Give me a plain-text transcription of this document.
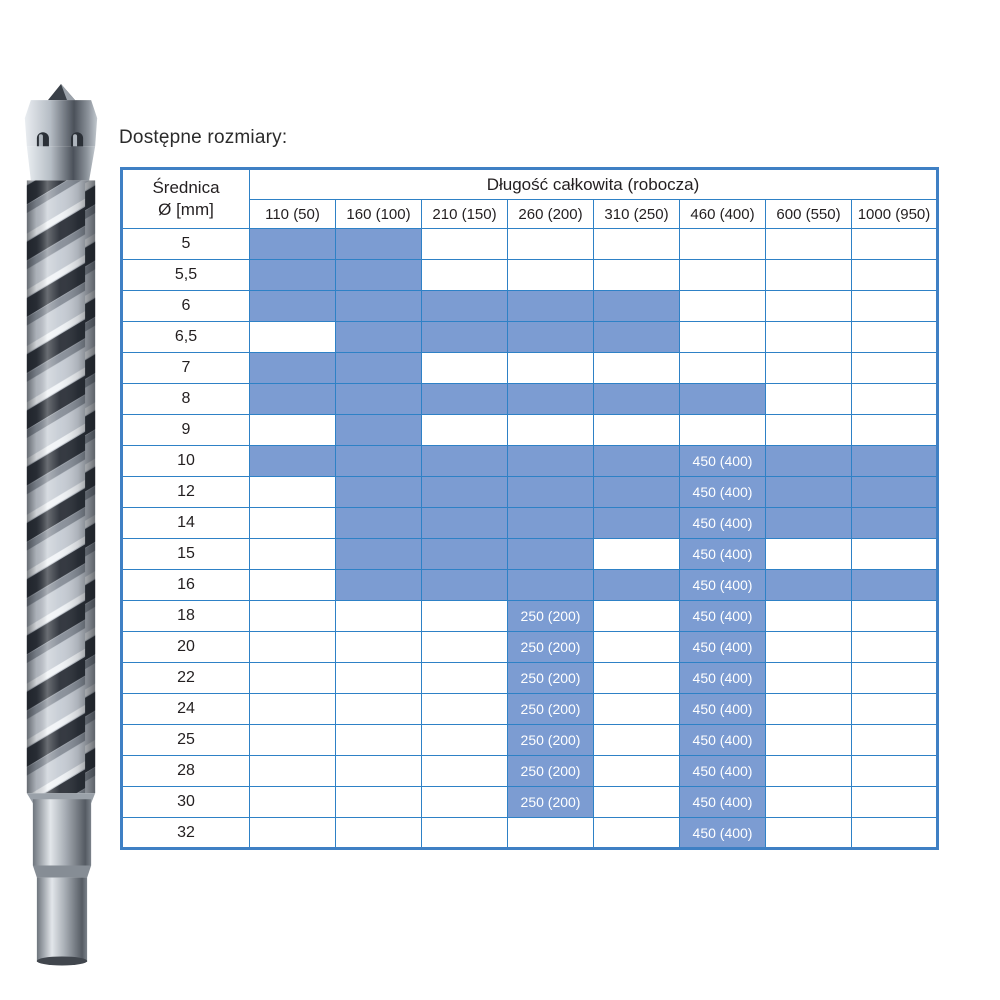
Dostępne rozmiary:
Średnica
Ø [mm]	Długość całkowita (robocza)							
	110 (50)	160 (100)	210 (150)	260 (200)	310 (250)	460 (400)	600 (550)	1000 (950)
5								
5,5								
6								
6,5								
7								
8								
9								
10						450 (400)		
12						450 (400)		
14						450 (400)		
15						450 (400)		
16						450 (400)		
18				250 (200)		450 (400)		
20				250 (200)		450 (400)		
22				250 (200)		450 (400)		
24				250 (200)		450 (400)		
25				250 (200)		450 (400)		
28				250 (200)		450 (400)		
30				250 (200)		450 (400)		
32						450 (400)		
